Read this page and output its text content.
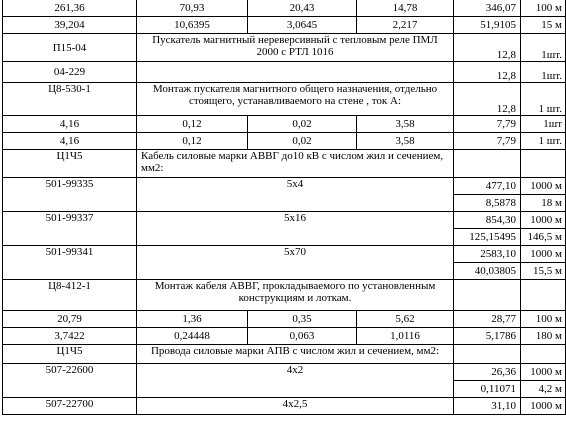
261,36	70,93	20,43	14,78	346,07	100 м
39,204	10,6395	3,0645	2,217	51,9105	15 м
П15-04	Пускатель магнитный нереверсивный с тепловым реле ПМЛ 2000 с РТЛ 1016			12,8	1шт.
04-229				12,8	1шт.
Ц8-530-1	Монтаж пускателя магнитного общего назначения, отдельно стоящего, устанавливаемого на стене , ток А:			12,8	1 шт.
4,16	0,12	0,02	3,58	7,79	1шт
4,16	0,12	0,02	3,58	7,79	1 шт.
Ц1Ч5	Кабель силовые марки АВВГ до10 кВ с числом жил и сечением, мм2:				
501-99335	5x4			477,10	1000 м
				8,5878	18 м
501-99337	5x16			854,30	1000 м
				125,15495	146,5 м
501-99341	5x70			2583,10	1000 м
				40,03805	15,5 м
Ц8-412-1	Монтаж кабеля АВВГ, прокладываемого по установленным конструкциям и лоткам.				
20,79	1,36	0,35	5,62	28,77	100 м
3,7422	0,24448	0,063	1,0116	5,1786	180 м
Ц1Ч5	Провода силовые марки АПВ с числом жил и сечением, мм2:				
507-22600	4x2			26,36	1000 м
				0,11071	4,2 м
507-22700	4x2,5			31,10	1000 м
